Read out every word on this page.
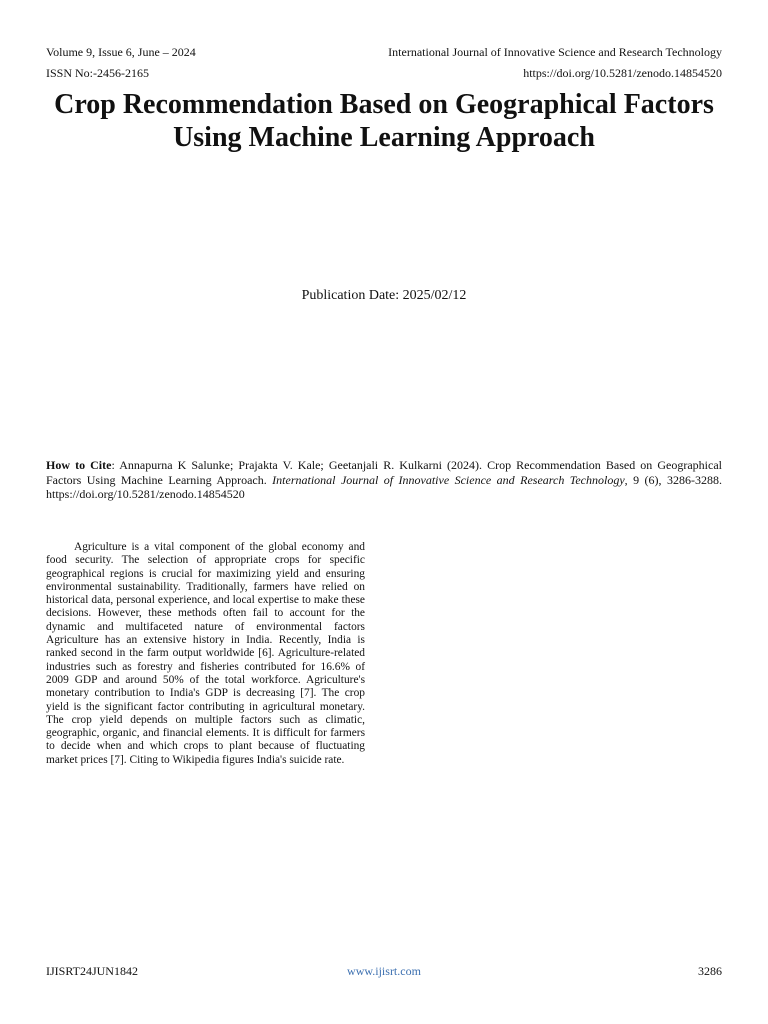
Volume 9, Issue 6, June – 2024	International Journal of Innovative Science and Research Technology
ISSN No:-2456-2165	https://doi.org/10.5281/zenodo.14854520
Crop Recommendation Based on Geographical Factors Using Machine Learning Approach
Publication Date: 2025/02/12
How to Cite: Annapurna K Salunke; Prajakta V. Kale; Geetanjali R. Kulkarni (2024). Crop Recommendation Based on Geographical Factors Using Machine Learning Approach. International Journal of Innovative Science and Research Technology, 9 (6), 3286-3288. https://doi.org/10.5281/zenodo.14854520

Agriculture is a vital component of the global economy and food security. The selection of appropriate crops for specific geographical regions is crucial for maximizing yield and ensuring environmental sustainability. Traditionally, farmers have relied on historical data, personal experience, and local expertise to make these decisions. However, these methods often fail to account for the dynamic and multifaceted nature of environmental factors Agriculture has an extensive history in India. Recently, India is ranked second in the farm output worldwide [6]. Agriculture-related industries such as forestry and fisheries contributed for 16.6% of 2009 GDP and around 50% of the total workforce. Agriculture's monetary contribution to India's GDP is decreasing [7]. The crop yield is the significant factor contributing in agricultural monetary. The crop yield depends on multiple factors such as climatic, geographic, organic, and financial elements. It is difficult for farmers to decide when and which crops to plant because of fluctuating market prices [7]. Citing to Wikipedia figures India's suicide rate.

IJISRT24JUN1842	www.ijisrt.com	3286
